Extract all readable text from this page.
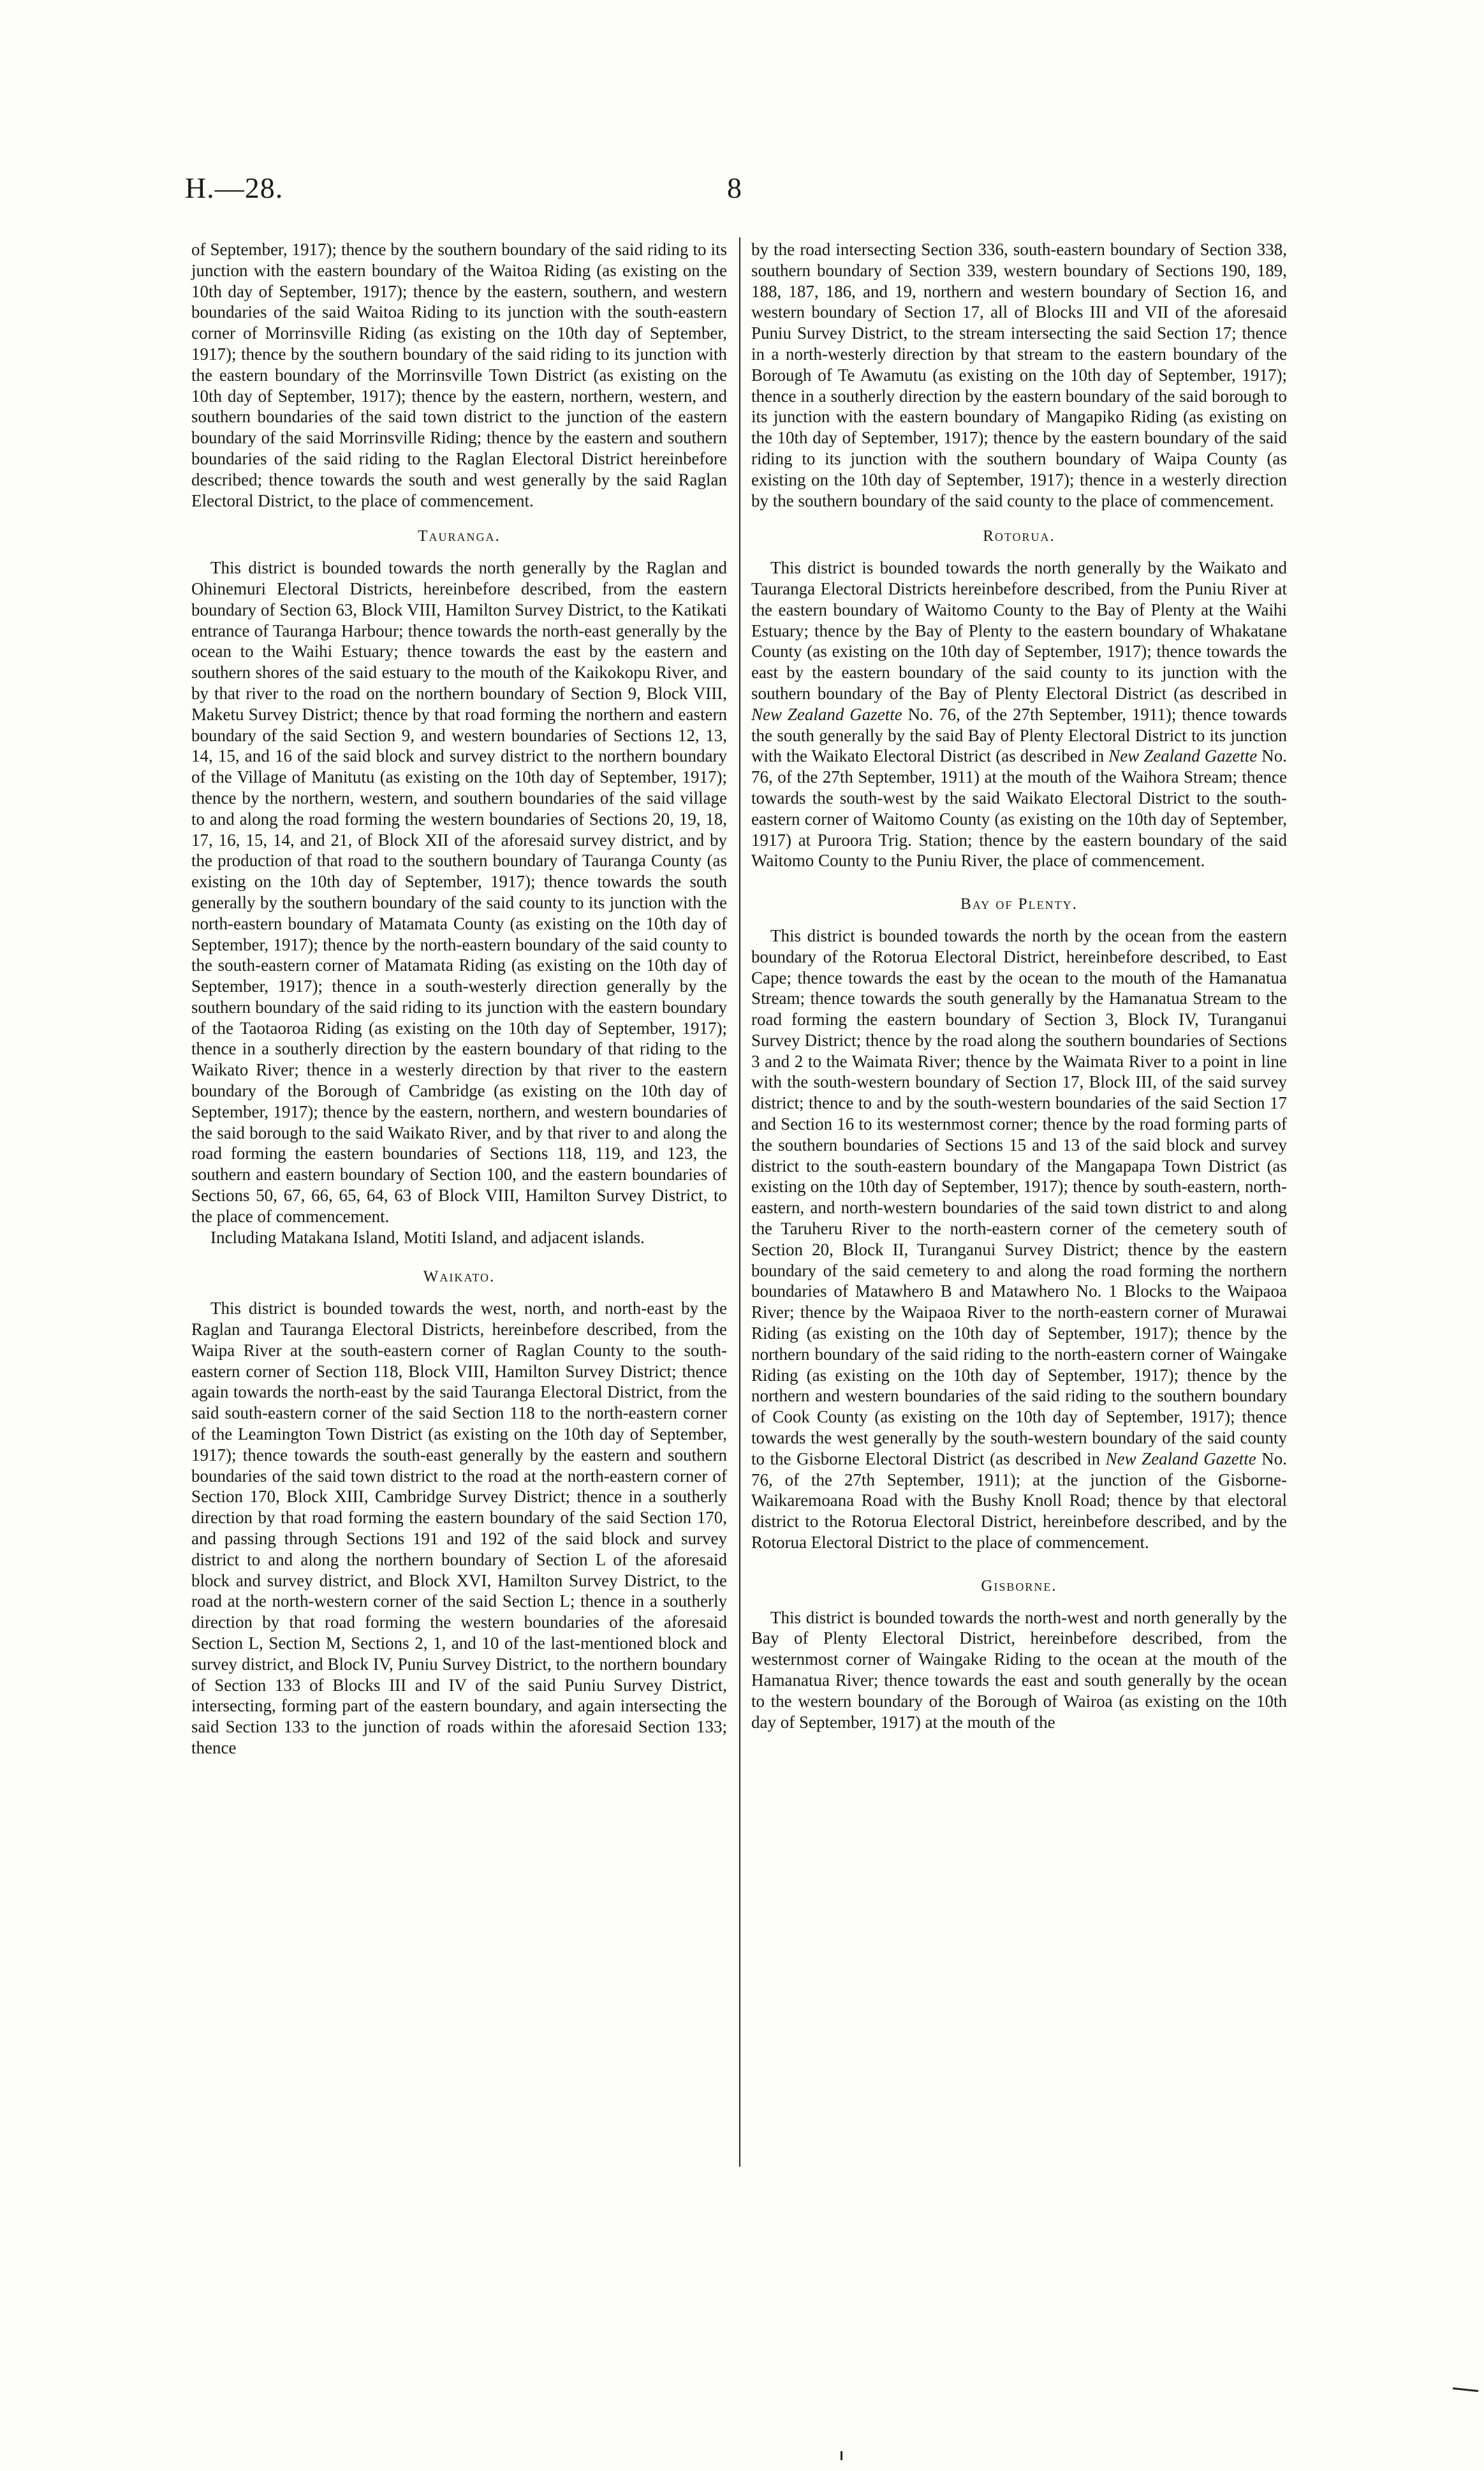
H.—28.	8

of September, 1917); thence by the southern boundary of the said riding to its junction with the eastern boundary of the Waitoa Riding (as existing on the 10th day of September, 1917); thence by the eastern, southern, and western boundaries of the said Waitoa Riding to its junction with the south-eastern corner of Morrinsville Riding (as existing on the 10th day of September, 1917); thence by the southern boundary of the said riding to its junction with the eastern boundary of the Morrinsville Town District (as existing on the 10th day of September, 1917); thence by the eastern, northern, western, and southern boundaries of the said town district to the junction of the eastern boundary of the said Morrinsville Riding; thence by the eastern and southern boundaries of the said riding to the Raglan Electoral District hereinbefore described; thence towards the south and west generally by the said Raglan Electoral District, to the place of commencement.

Tauranga.

This district is bounded towards the north generally by the Raglan and Ohinemuri Electoral Districts, hereinbefore described, from the eastern boundary of Section 63, Block VIII, Hamilton Survey District, to the Katikati entrance of Tauranga Harbour; thence towards the north-east generally by the ocean to the Waihi Estuary; thence towards the east by the eastern and southern shores of the said estuary to the mouth of the Kaikokopu River, and by that river to the road on the northern boundary of Section 9, Block VIII, Maketu Survey District; thence by that road forming the northern and eastern boundary of the said Section 9, and western boundaries of Sections 12, 13, 14, 15, and 16 of the said block and survey district to the northern boundary of the Village of Manitutu (as existing on the 10th day of September, 1917); thence by the northern, western, and southern boundaries of the said village to and along the road forming the western boundaries of Sections 20, 19, 18, 17, 16, 15, 14, and 21, of Block XII of the aforesaid survey district, and by the production of that road to the southern boundary of Tauranga County (as existing on the 10th day of September, 1917); thence towards the south generally by the southern boundary of the said county to its junction with the north-eastern boundary of Matamata County (as existing on the 10th day of September, 1917); thence by the north-eastern boundary of the said county to the south-eastern corner of Matamata Riding (as existing on the 10th day of September, 1917); thence in a south-westerly direction generally by the southern boundary of the said riding to its junction with the eastern boundary of the Taotaoroa Riding (as existing on the 10th day of September, 1917); thence in a southerly direction by the eastern boundary of that riding to the Waikato River; thence in a westerly direction by that river to the eastern boundary of the Borough of Cambridge (as existing on the 10th day of September, 1917); thence by the eastern, northern, and western boundaries of the said borough to the said Waikato River, and by that river to and along the road forming the eastern boundaries of Sections 118, 119, and 123, the southern and eastern boundary of Section 100, and the eastern boundaries of Sections 50, 67, 66, 65, 64, 63 of Block VIII, Hamilton Survey District, to the place of commencement.

Including Matakana Island, Motiti Island, and adjacent islands.

Waikato.

This district is bounded towards the west, north, and north-east by the Raglan and Tauranga Electoral Districts, hereinbefore described, from the Waipa River at the south-eastern corner of Raglan County to the south-eastern corner of Section 118, Block VIII, Hamilton Survey District; thence again towards the north-east by the said Tauranga Electoral District, from the said south-eastern corner of the said Section 118 to the north-eastern corner of the Leamington Town District (as existing on the 10th day of September, 1917); thence towards the south-east generally by the eastern and southern boundaries of the said town district to the road at the north-eastern corner of Section 170, Block XIII, Cambridge Survey District; thence in a southerly direction by that road forming the eastern boundary of the said Section 170, and passing through Sections 191 and 192 of the said block and survey district to and along the northern boundary of Section L of the aforesaid block and survey district, and Block XVI, Hamilton Survey District, to the road at the north-western corner of the said Section L; thence in a southerly direction by that road forming the western boundaries of the aforesaid Section L, Section M, Sections 2, 1, and 10 of the last-mentioned block and survey district, and Block IV, Puniu Survey District, to the northern boundary of Section 133 of Blocks III and IV of the said Puniu Survey District, intersecting, forming part of the eastern boundary, and again intersecting the said Section 133 to the junction of roads within the aforesaid Section 133; thence

by the road intersecting Section 336, south-eastern boundary of Section 338, southern boundary of Section 339, western boundary of Sections 190, 189, 188, 187, 186, and 19, northern and western boundary of Section 16, and western boundary of Section 17, all of Blocks III and VII of the aforesaid Puniu Survey District, to the stream intersecting the said Section 17; thence in a north-westerly direction by that stream to the eastern boundary of the Borough of Te Awamutu (as existing on the 10th day of September, 1917); thence in a southerly direction by the eastern boundary of the said borough to its junction with the eastern boundary of Mangapiko Riding (as existing on the 10th day of September, 1917); thence by the eastern boundary of the said riding to its junction with the southern boundary of Waipa County (as existing on the 10th day of September, 1917); thence in a westerly direction by the southern boundary of the said county to the place of commencement.

Rotorua.

This district is bounded towards the north generally by the Waikato and Tauranga Electoral Districts hereinbefore described, from the Puniu River at the eastern boundary of Waitomo County to the Bay of Plenty at the Waihi Estuary; thence by the Bay of Plenty to the eastern boundary of Whakatane County (as existing on the 10th day of September, 1917); thence towards the east by the eastern boundary of the said county to its junction with the southern boundary of the Bay of Plenty Electoral District (as described in New Zealand Gazette No. 76, of the 27th September, 1911); thence towards the south generally by the said Bay of Plenty Electoral District to its junction with the Waikato Electoral District (as described in New Zealand Gazette No. 76, of the 27th September, 1911) at the mouth of the Waihora Stream; thence towards the south-west by the said Waikato Electoral District to the south-eastern corner of Waitomo County (as existing on the 10th day of September, 1917) at Puroora Trig. Station; thence by the eastern boundary of the said Waitomo County to the Puniu River, the place of commencement.

Bay of Plenty.

This district is bounded towards the north by the ocean from the eastern boundary of the Rotorua Electoral District, hereinbefore described, to East Cape; thence towards the east by the ocean to the mouth of the Hamanatua Stream; thence towards the south generally by the Hamanatua Stream to the road forming the eastern boundary of Section 3, Block IV, Turanganui Survey District; thence by the road along the southern boundaries of Sections 3 and 2 to the Waimata River; thence by the Waimata River to a point in line with the south-western boundary of Section 17, Block III, of the said survey district; thence to and by the south-western boundaries of the said Section 17 and Section 16 to its westernmost corner; thence by the road forming parts of the southern boundaries of Sections 15 and 13 of the said block and survey district to the south-eastern boundary of the Mangapapa Town District (as existing on the 10th day of September, 1917); thence by south-eastern, north-eastern, and north-western boundaries of the said town district to and along the Taruheru River to the north-eastern corner of the cemetery south of Section 20, Block II, Turanganui Survey District; thence by the eastern boundary of the said cemetery to and along the road forming the northern boundaries of Matawhero B and Matawhero No. 1 Blocks to the Waipaoa River; thence by the Waipaoa River to the north-eastern corner of Murawai Riding (as existing on the 10th day of September, 1917); thence by the northern boundary of the said riding to the north-eastern corner of Waingake Riding (as existing on the 10th day of September, 1917); thence by the northern and western boundaries of the said riding to the southern boundary of Cook County (as existing on the 10th day of September, 1917); thence towards the west generally by the south-western boundary of the said county to the Gisborne Electoral District (as described in New Zealand Gazette No. 76, of the 27th September, 1911); at the junction of the Gisborne-Waikaremoana Road with the Bushy Knoll Road; thence by that electoral district to the Rotorua Electoral District, hereinbefore described, and by the Rotorua Electoral District to the place of commencement.

Gisborne.

This district is bounded towards the north-west and north generally by the Bay of Plenty Electoral District, hereinbefore described, from the westernmost corner of Waingake Riding to the ocean at the mouth of the Hamanatua River; thence towards the east and south generally by the ocean to the western boundary of the Borough of Wairoa (as existing on the 10th day of September, 1917) at the mouth of the
